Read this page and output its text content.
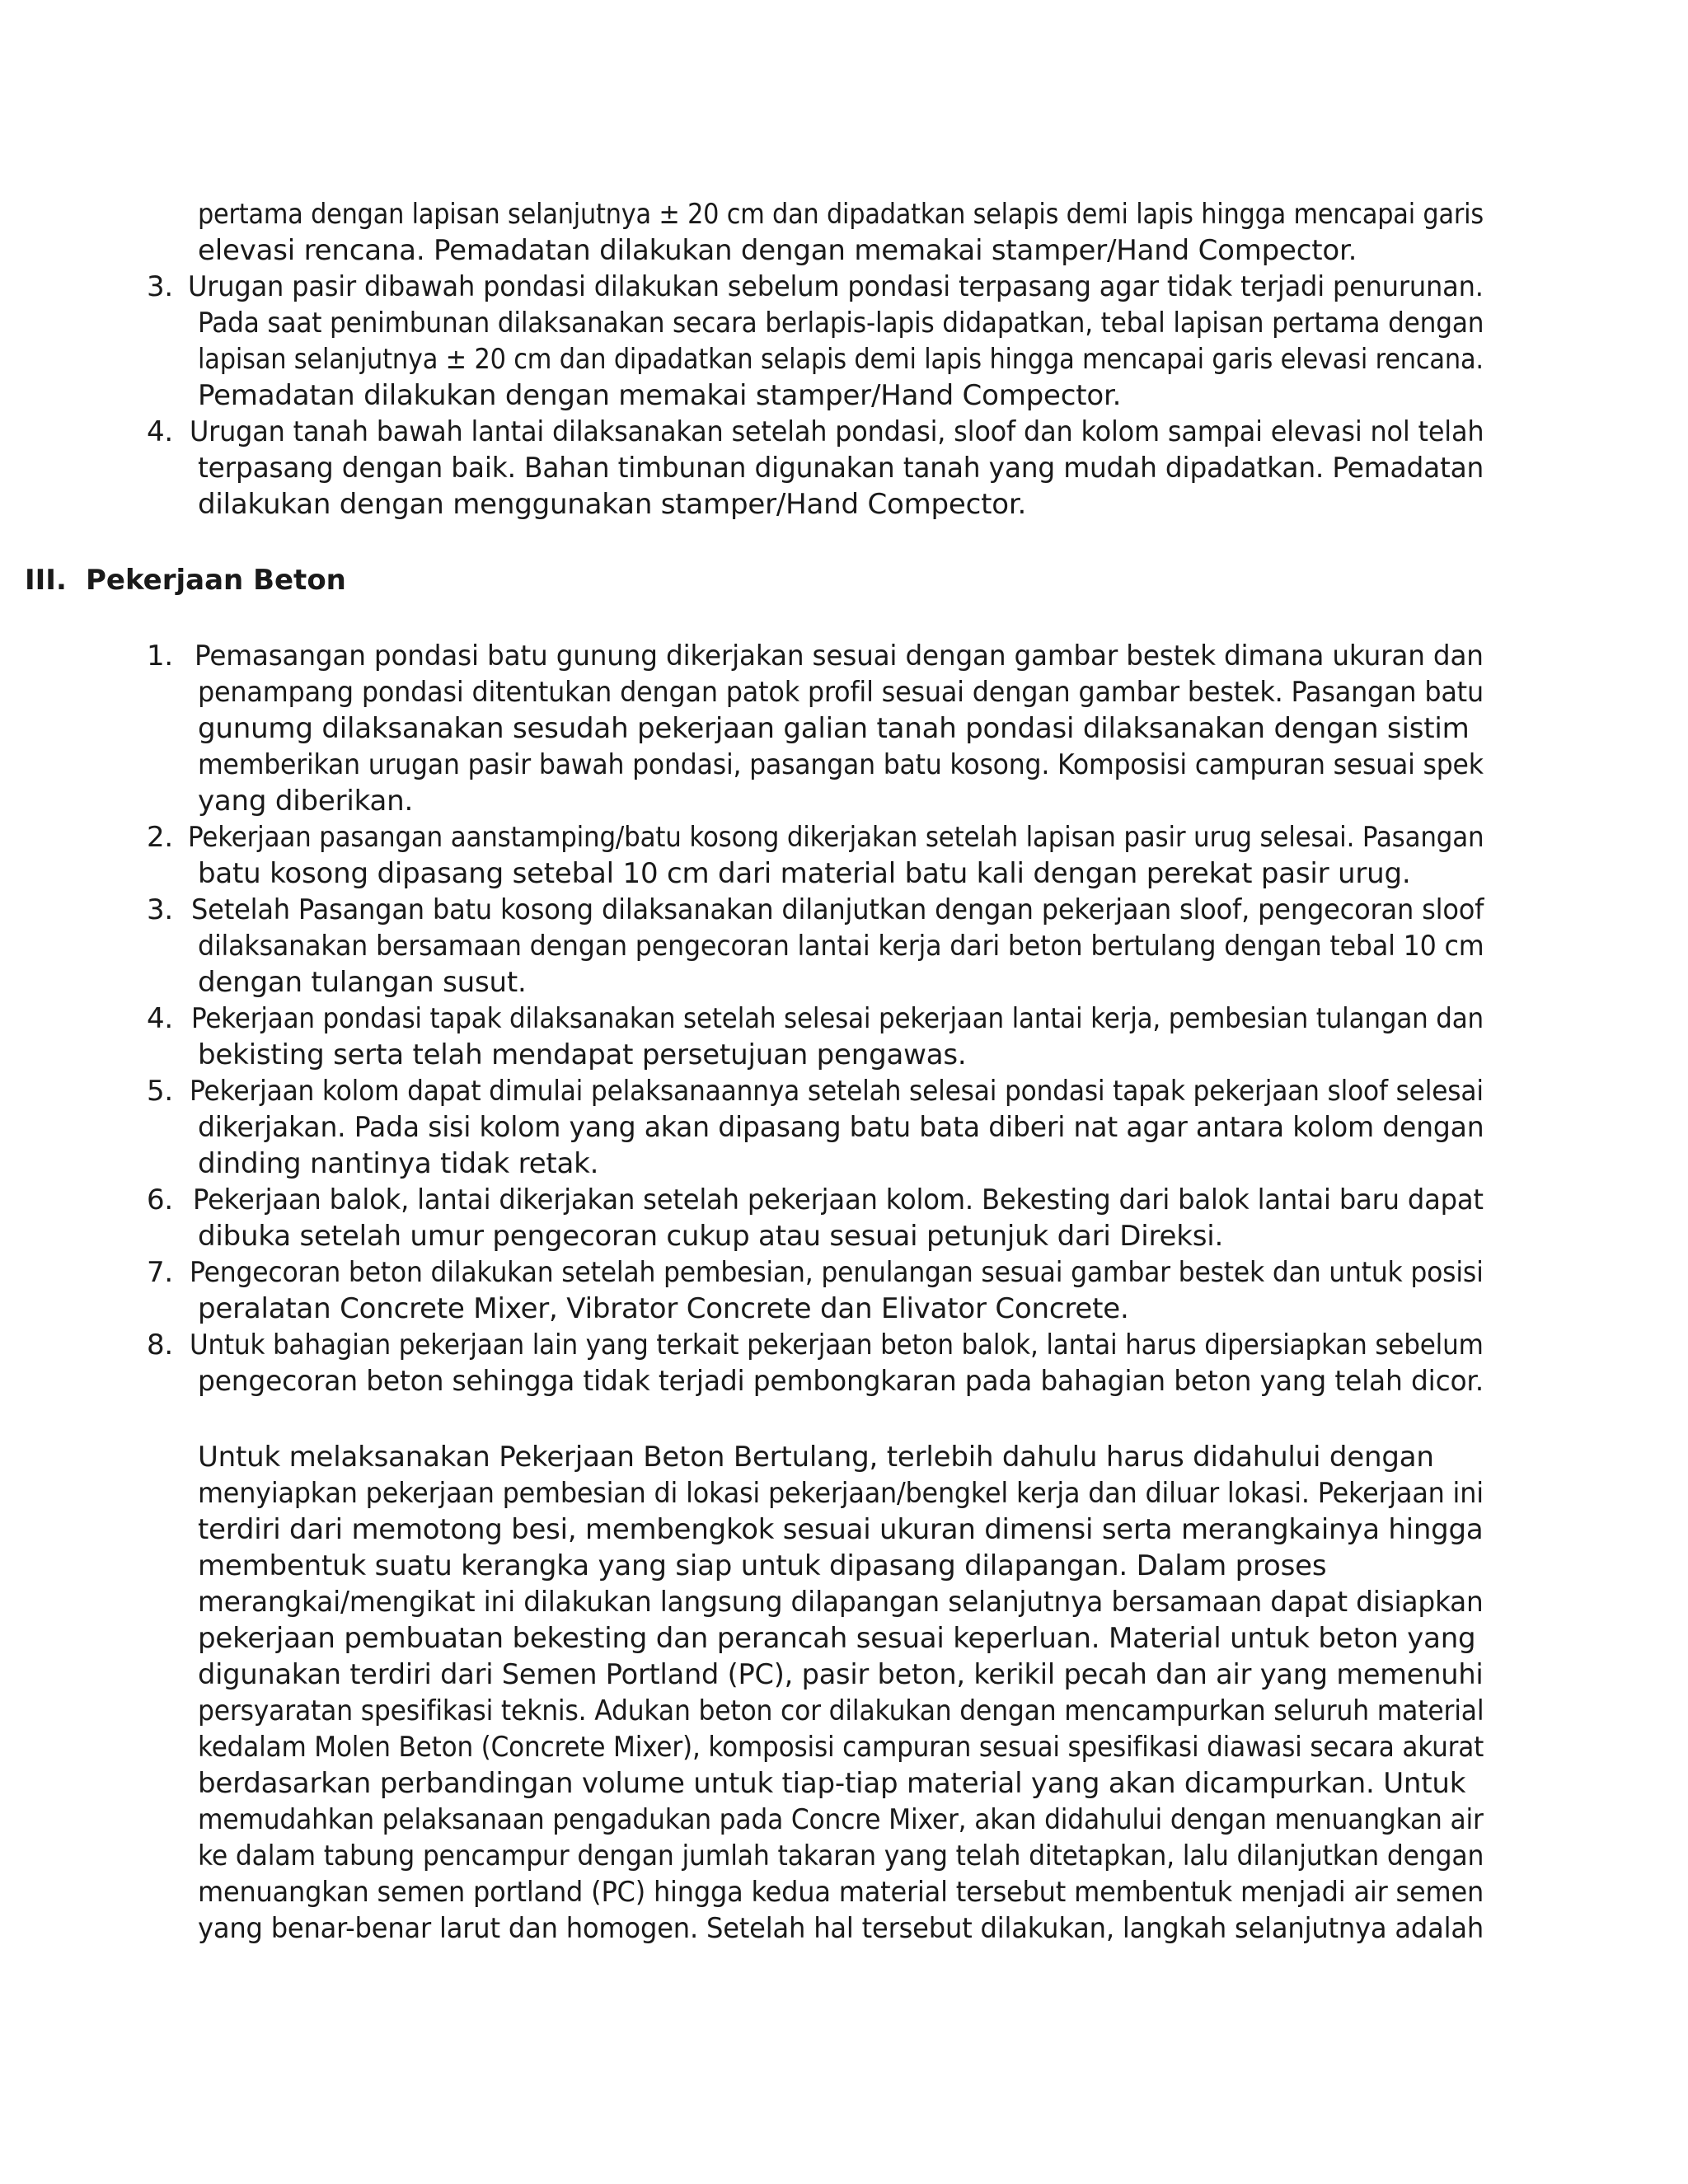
pertama dengan lapisan selanjutnya ± 20 cm dan dipadatkan selapis demi lapis hingga mencapai garis
elevasi rencana. Pemadatan dilakukan dengan memakai stamper/Hand Compector.
3. Urugan pasir dibawah pondasi dilakukan sebelum pondasi terpasang agar tidak terjadi penurunan.
Pada saat penimbunan dilaksanakan secara berlapis-lapis didapatkan, tebal lapisan pertama dengan
lapisan selanjutnya ± 20 cm dan dipadatkan selapis demi lapis hingga mencapai garis elevasi rencana.
Pemadatan dilakukan dengan memakai stamper/Hand Compector.
4. Urugan tanah bawah lantai dilaksanakan setelah pondasi, sloof dan kolom sampai elevasi nol telah
terpasang dengan baik. Bahan timbunan digunakan tanah yang mudah dipadatkan. Pemadatan
dilakukan dengan menggunakan stamper/Hand Compector.
III. Pekerjaan Beton
1. Pemasangan pondasi batu gunung dikerjakan sesuai dengan gambar bestek dimana ukuran dan
penampang pondasi ditentukan dengan patok profil sesuai dengan gambar bestek. Pasangan batu
gunumg dilaksanakan sesudah pekerjaan galian tanah pondasi dilaksanakan dengan sistim
memberikan urugan pasir bawah pondasi, pasangan batu kosong. Komposisi campuran sesuai spek
yang diberikan.
2. Pekerjaan pasangan aanstamping/batu kosong dikerjakan setelah lapisan pasir urug selesai. Pasangan
batu kosong dipasang setebal 10 cm dari material batu kali dengan perekat pasir urug.
3. Setelah Pasangan batu kosong dilaksanakan dilanjutkan dengan pekerjaan sloof, pengecoran sloof
dilaksanakan bersamaan dengan pengecoran lantai kerja dari beton bertulang dengan tebal 10 cm
dengan tulangan susut.
4. Pekerjaan pondasi tapak dilaksanakan setelah selesai pekerjaan lantai kerja, pembesian tulangan dan
bekisting serta telah mendapat persetujuan pengawas.
5. Pekerjaan kolom dapat dimulai pelaksanaannya setelah selesai pondasi tapak pekerjaan sloof selesai
dikerjakan. Pada sisi kolom yang akan dipasang batu bata diberi nat agar antara kolom dengan
dinding nantinya tidak retak.
6. Pekerjaan balok, lantai dikerjakan setelah pekerjaan kolom. Bekesting dari balok lantai baru dapat
dibuka setelah umur pengecoran cukup atau sesuai petunjuk dari Direksi.
7. Pengecoran beton dilakukan setelah pembesian, penulangan sesuai gambar bestek dan untuk posisi
peralatan Concrete Mixer, Vibrator Concrete dan Elivator Concrete.
8. Untuk bahagian pekerjaan lain yang terkait pekerjaan beton balok, lantai harus dipersiapkan sebelum
pengecoran beton sehingga tidak terjadi pembongkaran pada bahagian beton yang telah dicor.
Untuk melaksanakan Pekerjaan Beton Bertulang, terlebih dahulu harus didahului dengan
menyiapkan pekerjaan pembesian di lokasi pekerjaan/bengkel kerja dan diluar lokasi. Pekerjaan ini
terdiri dari memotong besi, membengkok sesuai ukuran dimensi serta merangkainya hingga
membentuk suatu kerangka yang siap untuk dipasang dilapangan. Dalam proses
merangkai/mengikat ini dilakukan langsung dilapangan selanjutnya bersamaan dapat disiapkan
pekerjaan pembuatan bekesting dan perancah sesuai keperluan. Material untuk beton yang
digunakan terdiri dari Semen Portland (PC), pasir beton, kerikil pecah dan air yang memenuhi
persyaratan spesifikasi teknis. Adukan beton cor dilakukan dengan mencampurkan seluruh material
kedalam Molen Beton (Concrete Mixer), komposisi campuran sesuai spesifikasi diawasi secara akurat
berdasarkan perbandingan volume untuk tiap-tiap material yang akan dicampurkan. Untuk
memudahkan pelaksanaan pengadukan pada Concre Mixer, akan didahului dengan menuangkan air
ke dalam tabung pencampur dengan jumlah takaran yang telah ditetapkan, lalu dilanjutkan dengan
menuangkan semen portland (PC) hingga kedua material tersebut membentuk menjadi air semen
yang benar-benar larut dan homogen. Setelah hal tersebut dilakukan, langkah selanjutnya adalah
